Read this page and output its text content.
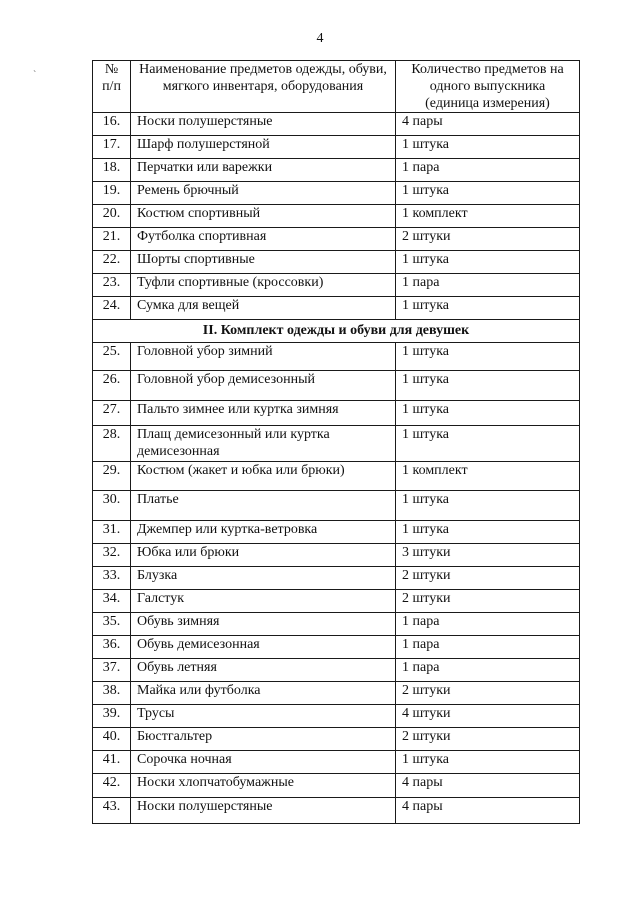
4
`	№ п/п	Наименование предметов одежды, обуви, мягкого инвентаря, оборудования	Количество предметов на одного выпускника (единица измерения)
16.	Носки полушерстяные	4 пары
17.	Шарф полушерстяной	1 штука
18.	Перчатки или варежки	1 пара
19.	Ремень брючный	1 штука
20.	Костюм спортивный	1 комплект
21.	Футболка спортивная	2 штуки
22.	Шорты спортивные	1 штука
23.	Туфли спортивные (кроссовки)	1 пара
24.	Сумка для вещей	1 штука
II. Комплект одежды и обуви для девушек		
25.	Головной убор зимний	1 штука
26.	Головной убор демисезонный	1 штука
27.	Пальто зимнее или куртка зимняя	1 штука
28.	Плащ демисезонный или куртка демисезонная	1 штука
29.	Костюм (жакет и юбка или брюки)	1 комплект
30.	Платье	1 штука
31.	Джемпер или куртка-ветровка	1 штука
32.	Юбка или брюки	3 штуки
33.	Блузка	2 штуки
34.	Галстук	2 штуки
35.	Обувь зимняя	1 пара
36.	Обувь демисезонная	1 пара
37.	Обувь летняя	1 пара
38.	Майка или футболка	2 штуки
39.	Трусы	4 штуки
40.	Бюстгальтер	2 штуки
41.	Сорочка ночная	1 штука
42.	Носки хлопчатобумажные	4 пары
43.	Носки полушерстяные	4 пары
